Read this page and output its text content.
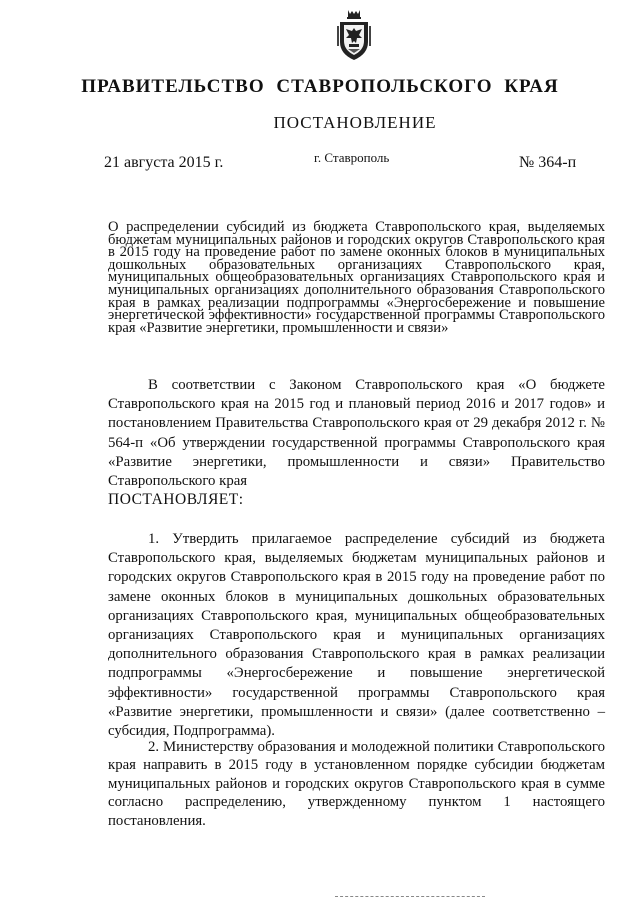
ПРАВИТЕЛЬСТВО СТАВРОПОЛЬСКОГО КРАЯ
ПОСТАНОВЛЕНИЕ
21 августа 2015 г.	г. Ставрополь	№ 364-п

О распределении субсидий из бюджета Ставропольского края, выделяемых бюджетам муниципальных районов и городских округов Ставропольского края в 2015 году на проведение работ по замене оконных блоков в муниципальных дошкольных образовательных организациях Ставропольского края, муниципальных общеобразовательных организациях Ставропольского края и муниципальных организациях дополнительного образования Ставропольского края в рамках реализации подпрограммы «Энергосбережение и повышение энергетической эффективности» государственной программы Ставропольского края «Развитие энергетики, промышленности и связи»

В соответствии с Законом Ставропольского края «О бюджете Ставропольского края на 2015 год и плановый период 2016 и 2017 годов» и постановлением Правительства Ставропольского края от 29 декабря 2012 г. № 564-п «Об утверждении государственной программы Ставропольского края «Развитие энергетики, промышленности и связи» Правительство Ставропольского края

ПОСТАНОВЛЯЕТ:

1. Утвердить прилагаемое распределение субсидий из бюджета Ставропольского края, выделяемых бюджетам муниципальных районов и городских округов Ставропольского края в 2015 году на проведение работ по замене оконных блоков в муниципальных дошкольных образовательных организациях Ставропольского края, муниципальных общеобразовательных организациях Ставропольского края и муниципальных организациях дополнительного образования Ставропольского края в рамках реализации подпрограммы «Энергосбережение и повышение энергетической эффективности» государственной программы Ставропольского края «Развитие энергетики, промышленности и связи» (далее соответственно – субсидия, Подпрограмма).

2. Министерству образования и молодежной политики Ставропольского края направить в 2015 году в установленном порядке субсидии бюджетам муниципальных районов и городских округов Ставропольского края в сумме согласно распределению, утвержденному пунктом 1 настоящего постановления.
